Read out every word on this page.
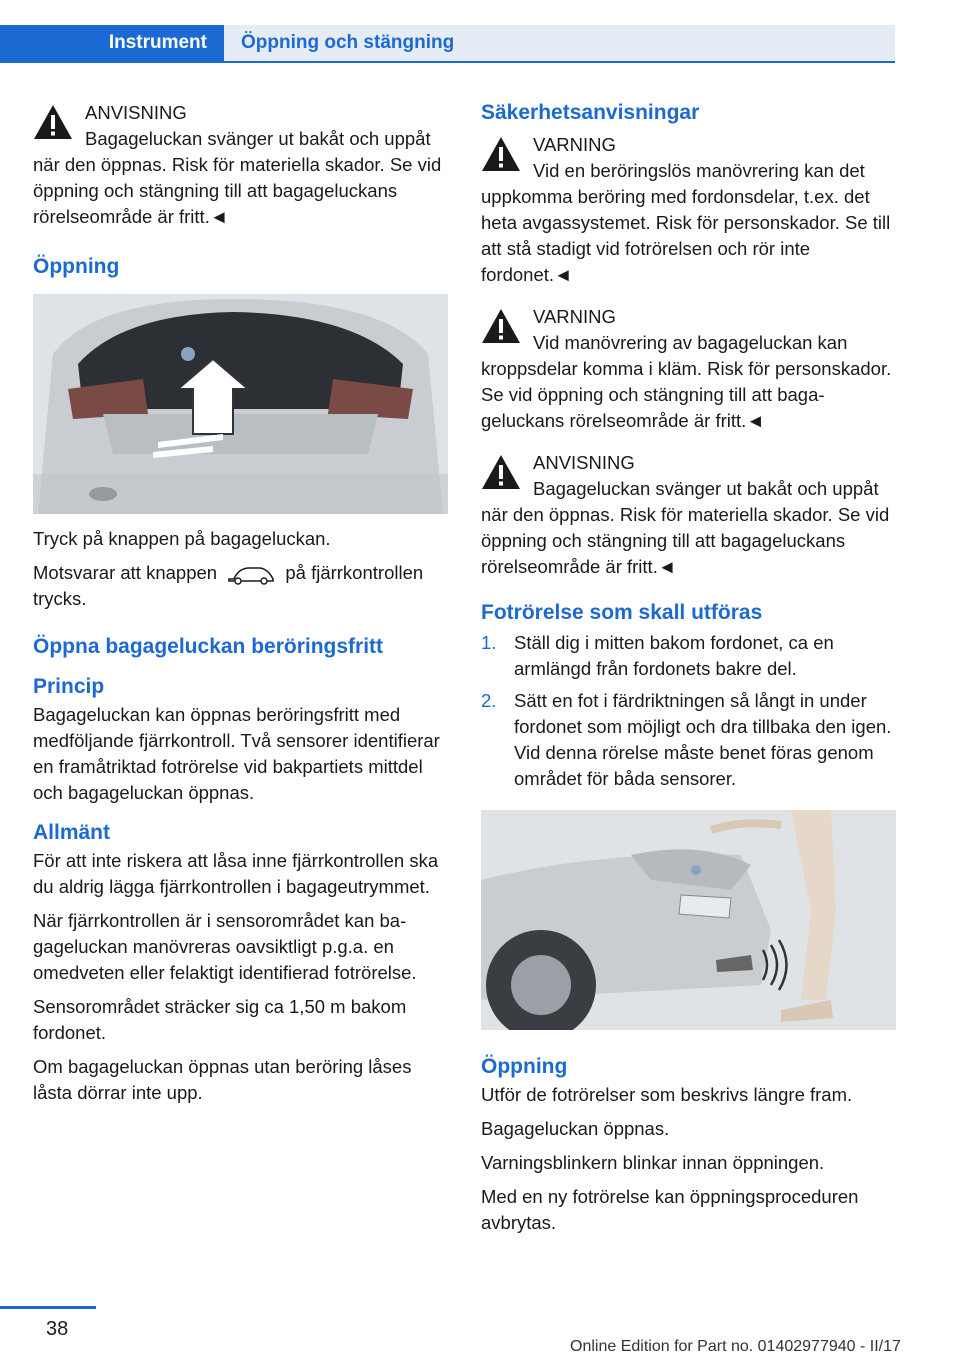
Instrument	Öppning och stängning
ANVISNING
Bagageluckan svänger ut bakåt och uppåt när den öppnas. Risk för materiella skador. Se vid öppning och stängning till att bagageluckans rörelseområde är fritt.◄
Öppning

Tryck på knappen på bagageluckan.

Motsvarar att knappen	på fjärrkontrollen trycks.

Öppna bagageluckan beröringsfritt
Princip

Bagageluckan kan öppnas beröringsfritt med medföljande fjärrkontroll. Två sensorer identifierar en framåtriktad fotrörelse vid bakpartiets mittdel och bagageluckan öppnas.

Allmänt

För att inte riskera att låsa inne fjärrkontrollen ska du aldrig lägga fjärrkontrollen i bagageutrymmet.

När fjärrkontrollen är i sensorområdet kan bagageluckan manövreras oavsiktligt p.g.a. en omedveten eller felaktigt identifierad fotrörelse.

Sensorområdet sträcker sig ca 1,50 m bakom fordonet.

Om bagageluckan öppnas utan beröring låses låsta dörrar inte upp.

Säkerhetsanvisningar
VARNING
Vid en beröringslös manövrering kan det uppkomma beröring med fordonsdelar, t.ex. det heta avgassystemet. Risk för personskador. Se till att stå stadigt vid fotrörelsen och rör inte fordonet.◄
VARNING
Vid manövrering av bagageluckan kan kroppsdelar komma i kläm. Risk för personskador. Se vid öppning och stängning till att bagageluckans rörelseområde är fritt.◄
ANVISNING
Bagageluckan svänger ut bakåt och uppåt när den öppnas. Risk för materiella skador. Se vid öppning och stängning till att bagageluckans rörelseområde är fritt.◄
Fotrörelse som skall utföras
1. Ställ dig i mitten bakom fordonet, ca en armlängd från fordonets bakre del.
2. Sätt en fot i färdriktningen så långt in under fordonet som möjligt och dra tillbaka den igen. Vid denna rörelse måste benet föras genom området för båda sensorer.
Öppning

Utför de fotrörelser som beskrivs längre fram.

Bagageluckan öppnas.

Varningsblinkern blinkar innan öppningen.

Med en ny fotrörelse kan öppningsproceduren avbrytas.

38
Online Edition for Part no. 01402977940 - II/17
